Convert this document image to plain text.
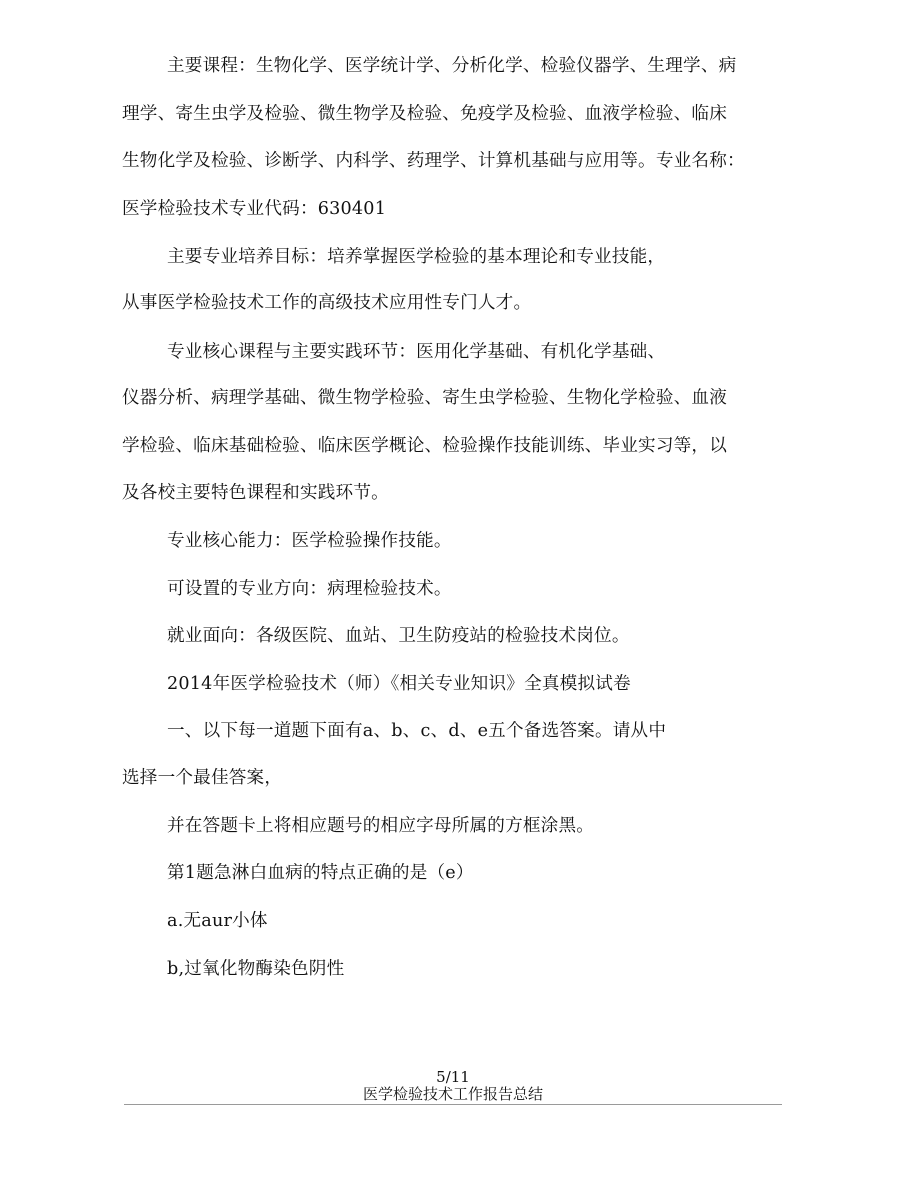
主要课程：生物化学、医学统计学、分析化学、检验仪器学、生理学、病
理学、寄生虫学及检验、微生物学及检验、免疫学及检验、血液学检验、临床
生物化学及检验、诊断学、内科学、药理学、计算机基础与应用等。专业名称：
医学检验技术专业代码：630401
主要专业培养目标：培养掌握医学检验的基本理论和专业技能，
从事医学检验技术工作的高级技术应用性专门人才。
专业核心课程与主要实践环节：医用化学基础、有机化学基础、
仪器分析、病理学基础、微生物学检验、寄生虫学检验、生物化学检验、血液
学检验、临床基础检验、临床医学概论、检验操作技能训练、毕业实习等，以
及各校主要特色课程和实践环节。
专业核心能力：医学检验操作技能。
可设置的专业方向：病理检验技术。
就业面向：各级医院、血站、卫生防疫站的检验技术岗位。
2014年医学检验技术（师）《相关专业知识》全真模拟试卷
一、以下每一道题下面有a、b、c、d、e五个备选答案。请从中
选择一个最佳答案，
并在答题卡上将相应题号的相应字母所属的方框涂黑。
第1题急淋白血病的特点正确的是（e）
a.无aur小体
b,过氧化物酶染色阴性
5/11
医学检验技术工作报告总结
